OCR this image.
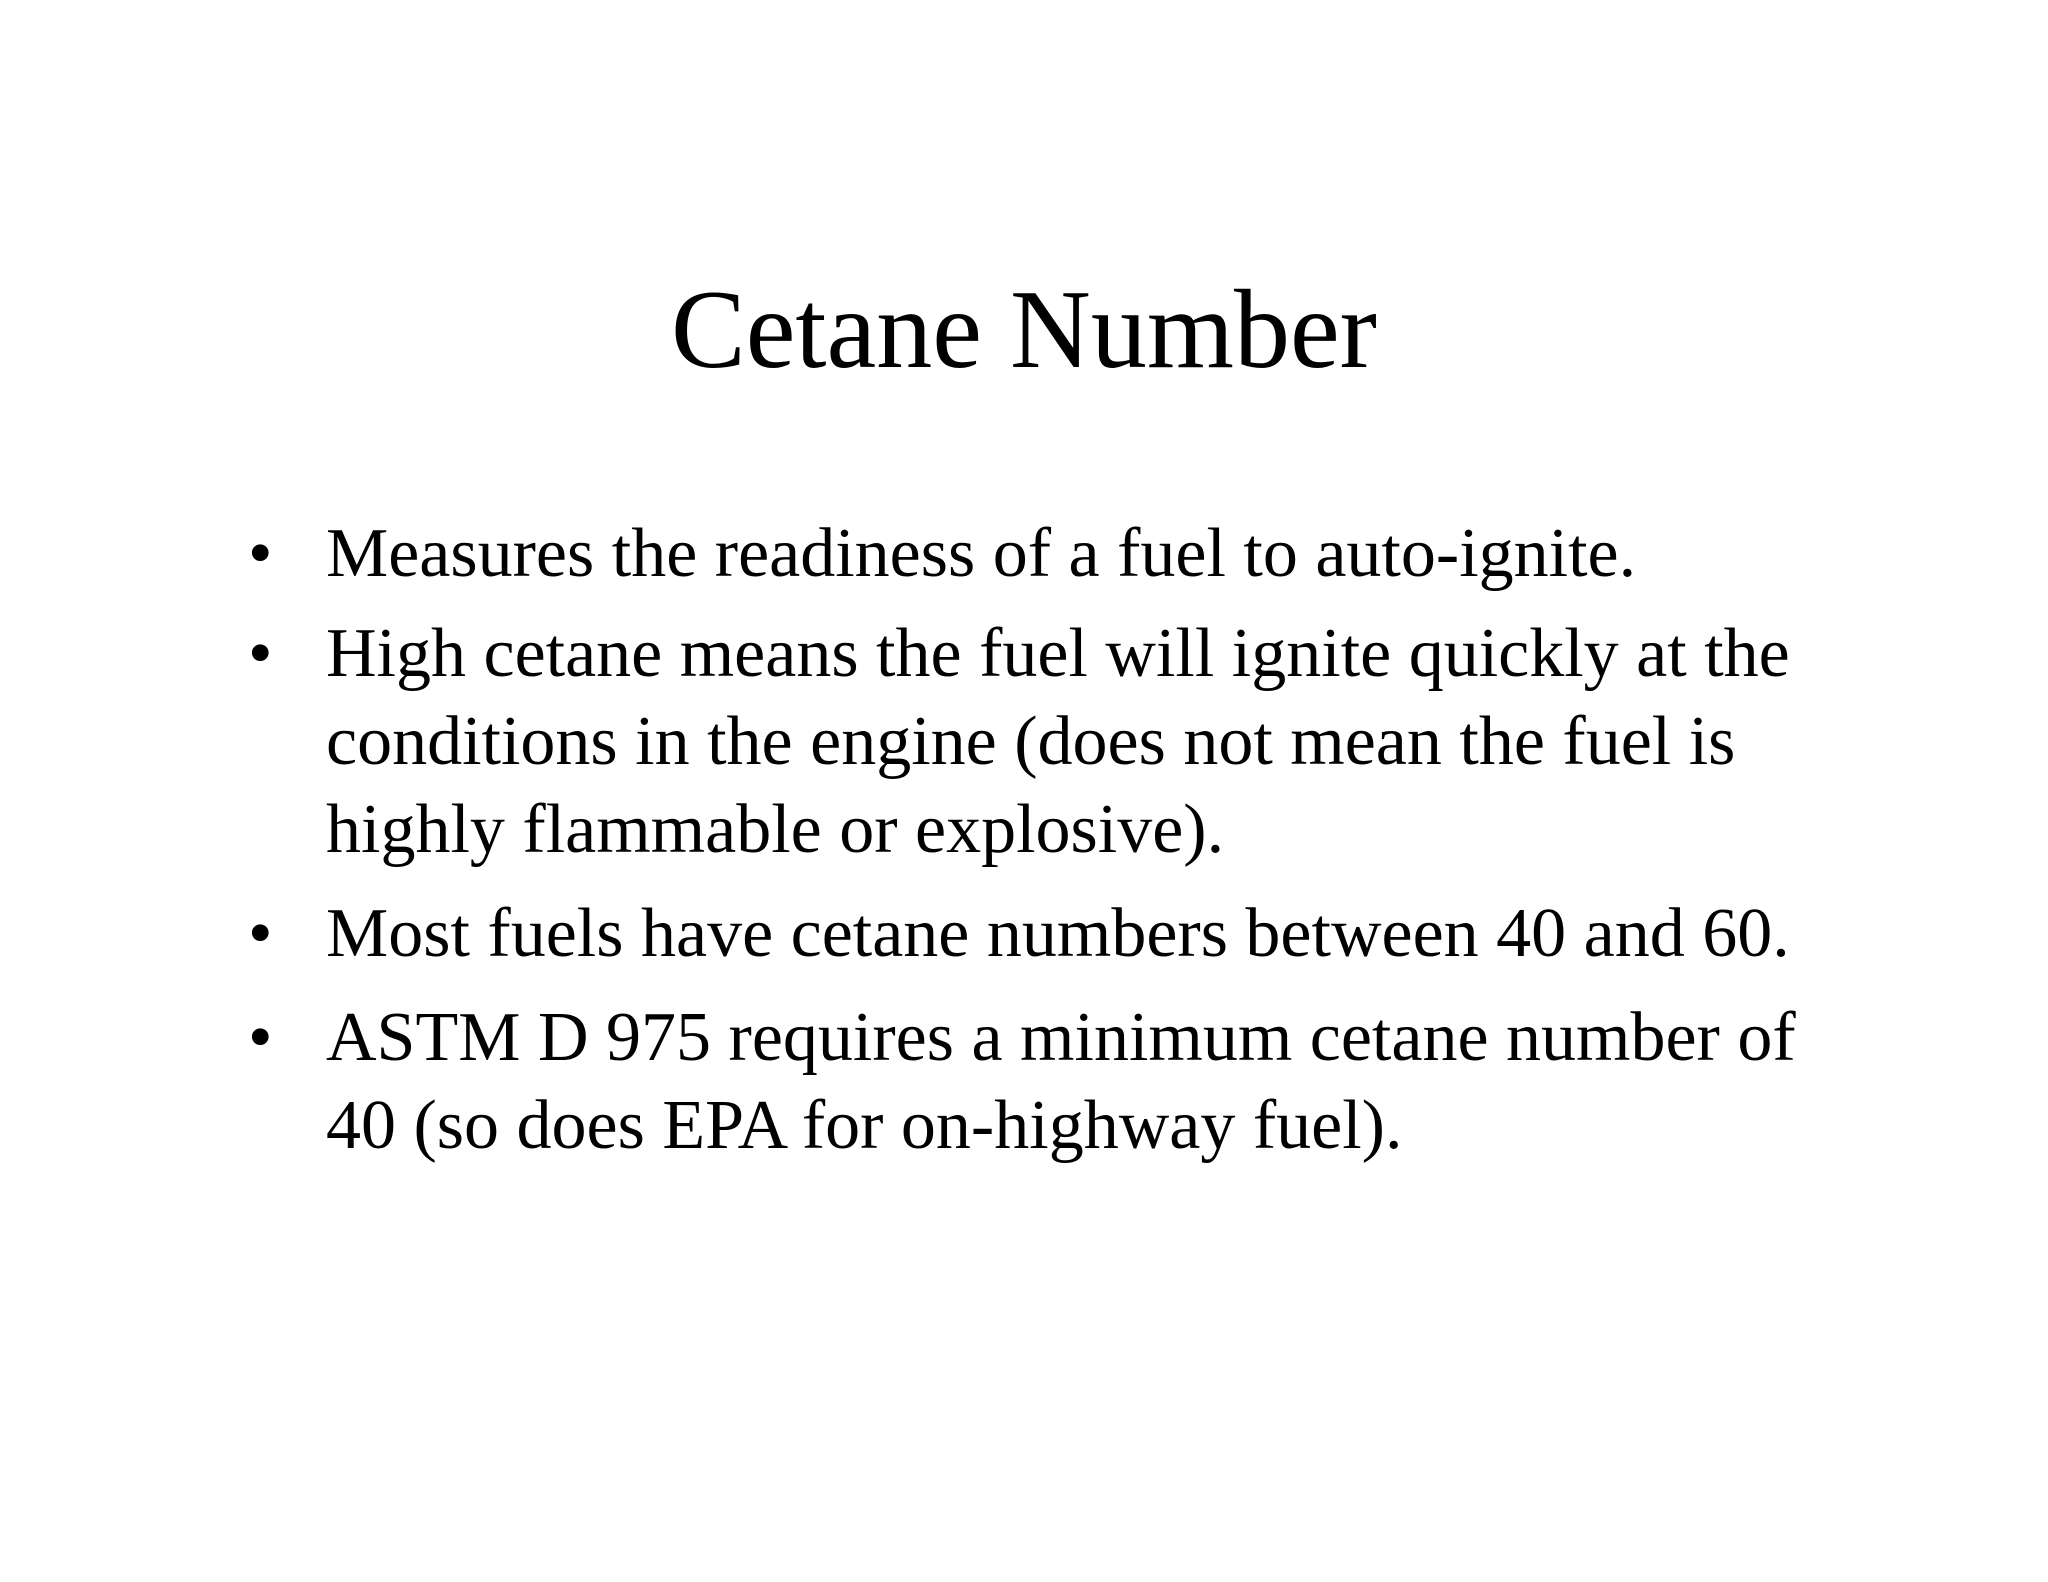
Cetane Number
• Measures the readiness of a fuel to auto-ignite.
• High cetane means the fuel will ignite quickly at the conditions in the engine (does not mean the fuel is highly flammable or explosive).
• Most fuels have cetane numbers between 40 and 60.
• ASTM D 975 requires a minimum cetane number of 40 (so does EPA for on-highway fuel).
